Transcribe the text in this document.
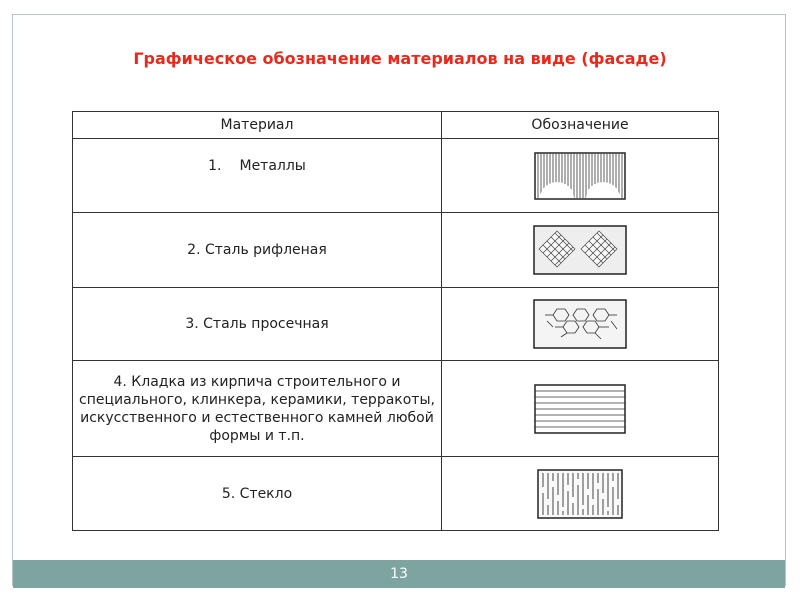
Графическое обозначение материалов на виде (фасаде)
Материал	Обозначение
1. Металлы	

2. Сталь рифленая	

3. Сталь просечная	

4. Кладка из кирпича строительного и специального, клинкера, керамики, терракоты, искусственного и естественного камней любой формы и т.п.	

5. Стекло	
13
